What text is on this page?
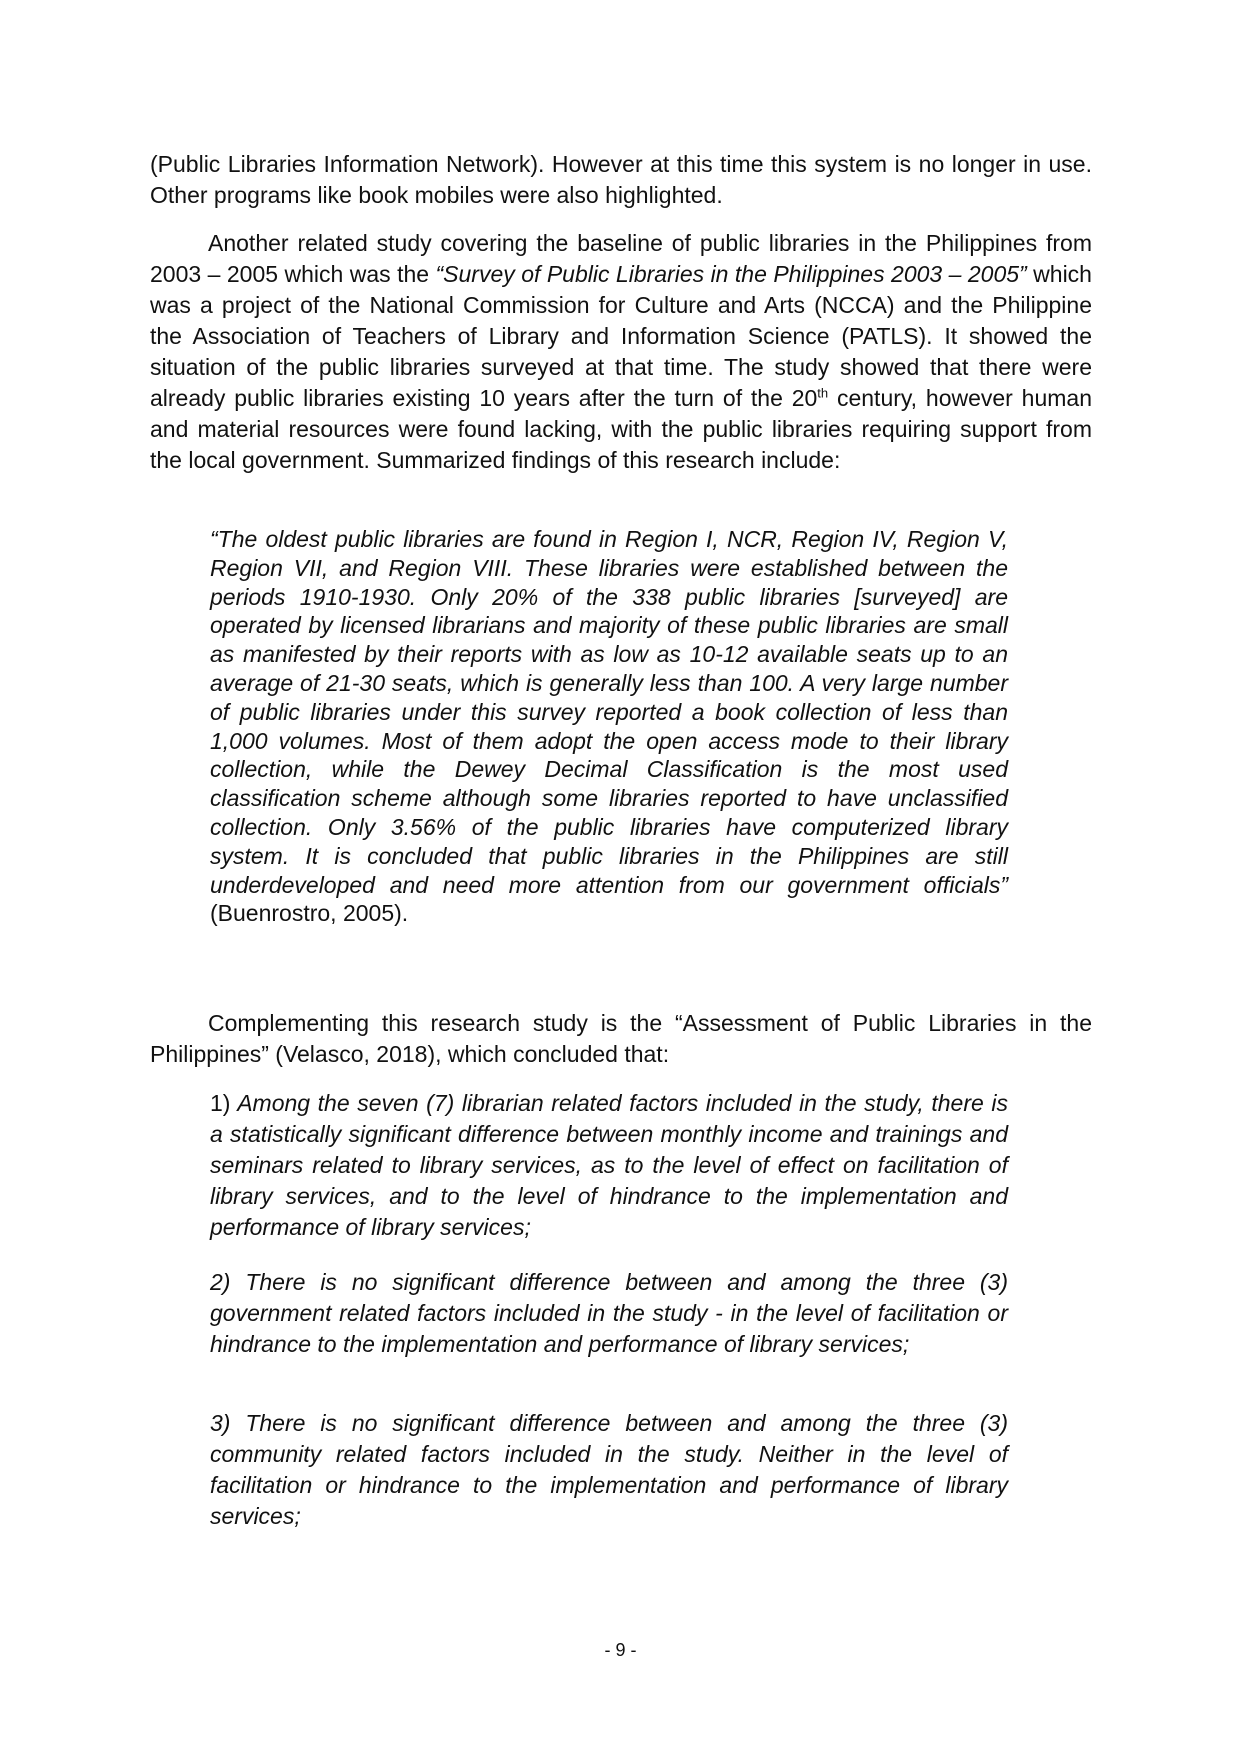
(Public Libraries Information Network). However at this time this system is no longer in use. Other programs like book mobiles were also highlighted.

Another related study covering the baseline of public libraries in the Philippines from 2003 – 2005 which was the “Survey of Public Libraries in the Philippines 2003 – 2005” which was a project of the National Commission for Culture and Arts (NCCA) and the Philippine the Association of Teachers of Library and Information Science (PATLS). It showed the situation of the public libraries surveyed at that time. The study showed that there were already public libraries existing 10 years after the turn of the 20th century, however human and material resources were found lacking, with the public libraries requiring support from the local government. Summarized findings of this research include:

“The oldest public libraries are found in Region I, NCR, Region IV, Region V, Region VII, and Region VIII. These libraries were established between the periods 1910-1930. Only 20% of the 338 public libraries [surveyed] are operated by licensed librarians and majority of these public libraries are small as manifested by their reports with as low as 10-12 available seats up to an average of 21-30 seats, which is generally less than 100. A very large number of public libraries under this survey reported a book collection of less than 1,000 volumes. Most of them adopt the open access mode to their library collection, while the Dewey Decimal Classification is the most used classification scheme although some libraries reported to have unclassified collection. Only 3.56% of the public libraries have computerized library system. It is concluded that public libraries in the Philippines are still underdeveloped and need more attention from our government officials” (Buenrostro, 2005).

Complementing this research study is the “Assessment of Public Libraries in the Philippines” (Velasco, 2018), which concluded that:

1) Among the seven (7) librarian related factors included in the study, there is a statistically significant difference between monthly income and trainings and seminars related to library services, as to the level of effect on facilitation of library services, and to the level of hindrance to the implementation and performance of library services;

2) There is no significant difference between and among the three (3) government related factors included in the study - in the level of facilitation or hindrance to the implementation and performance of library services;

3) There is no significant difference between and among the three (3) community related factors included in the study. Neither in the level of facilitation or hindrance to the implementation and performance of library services;

- 9 -
